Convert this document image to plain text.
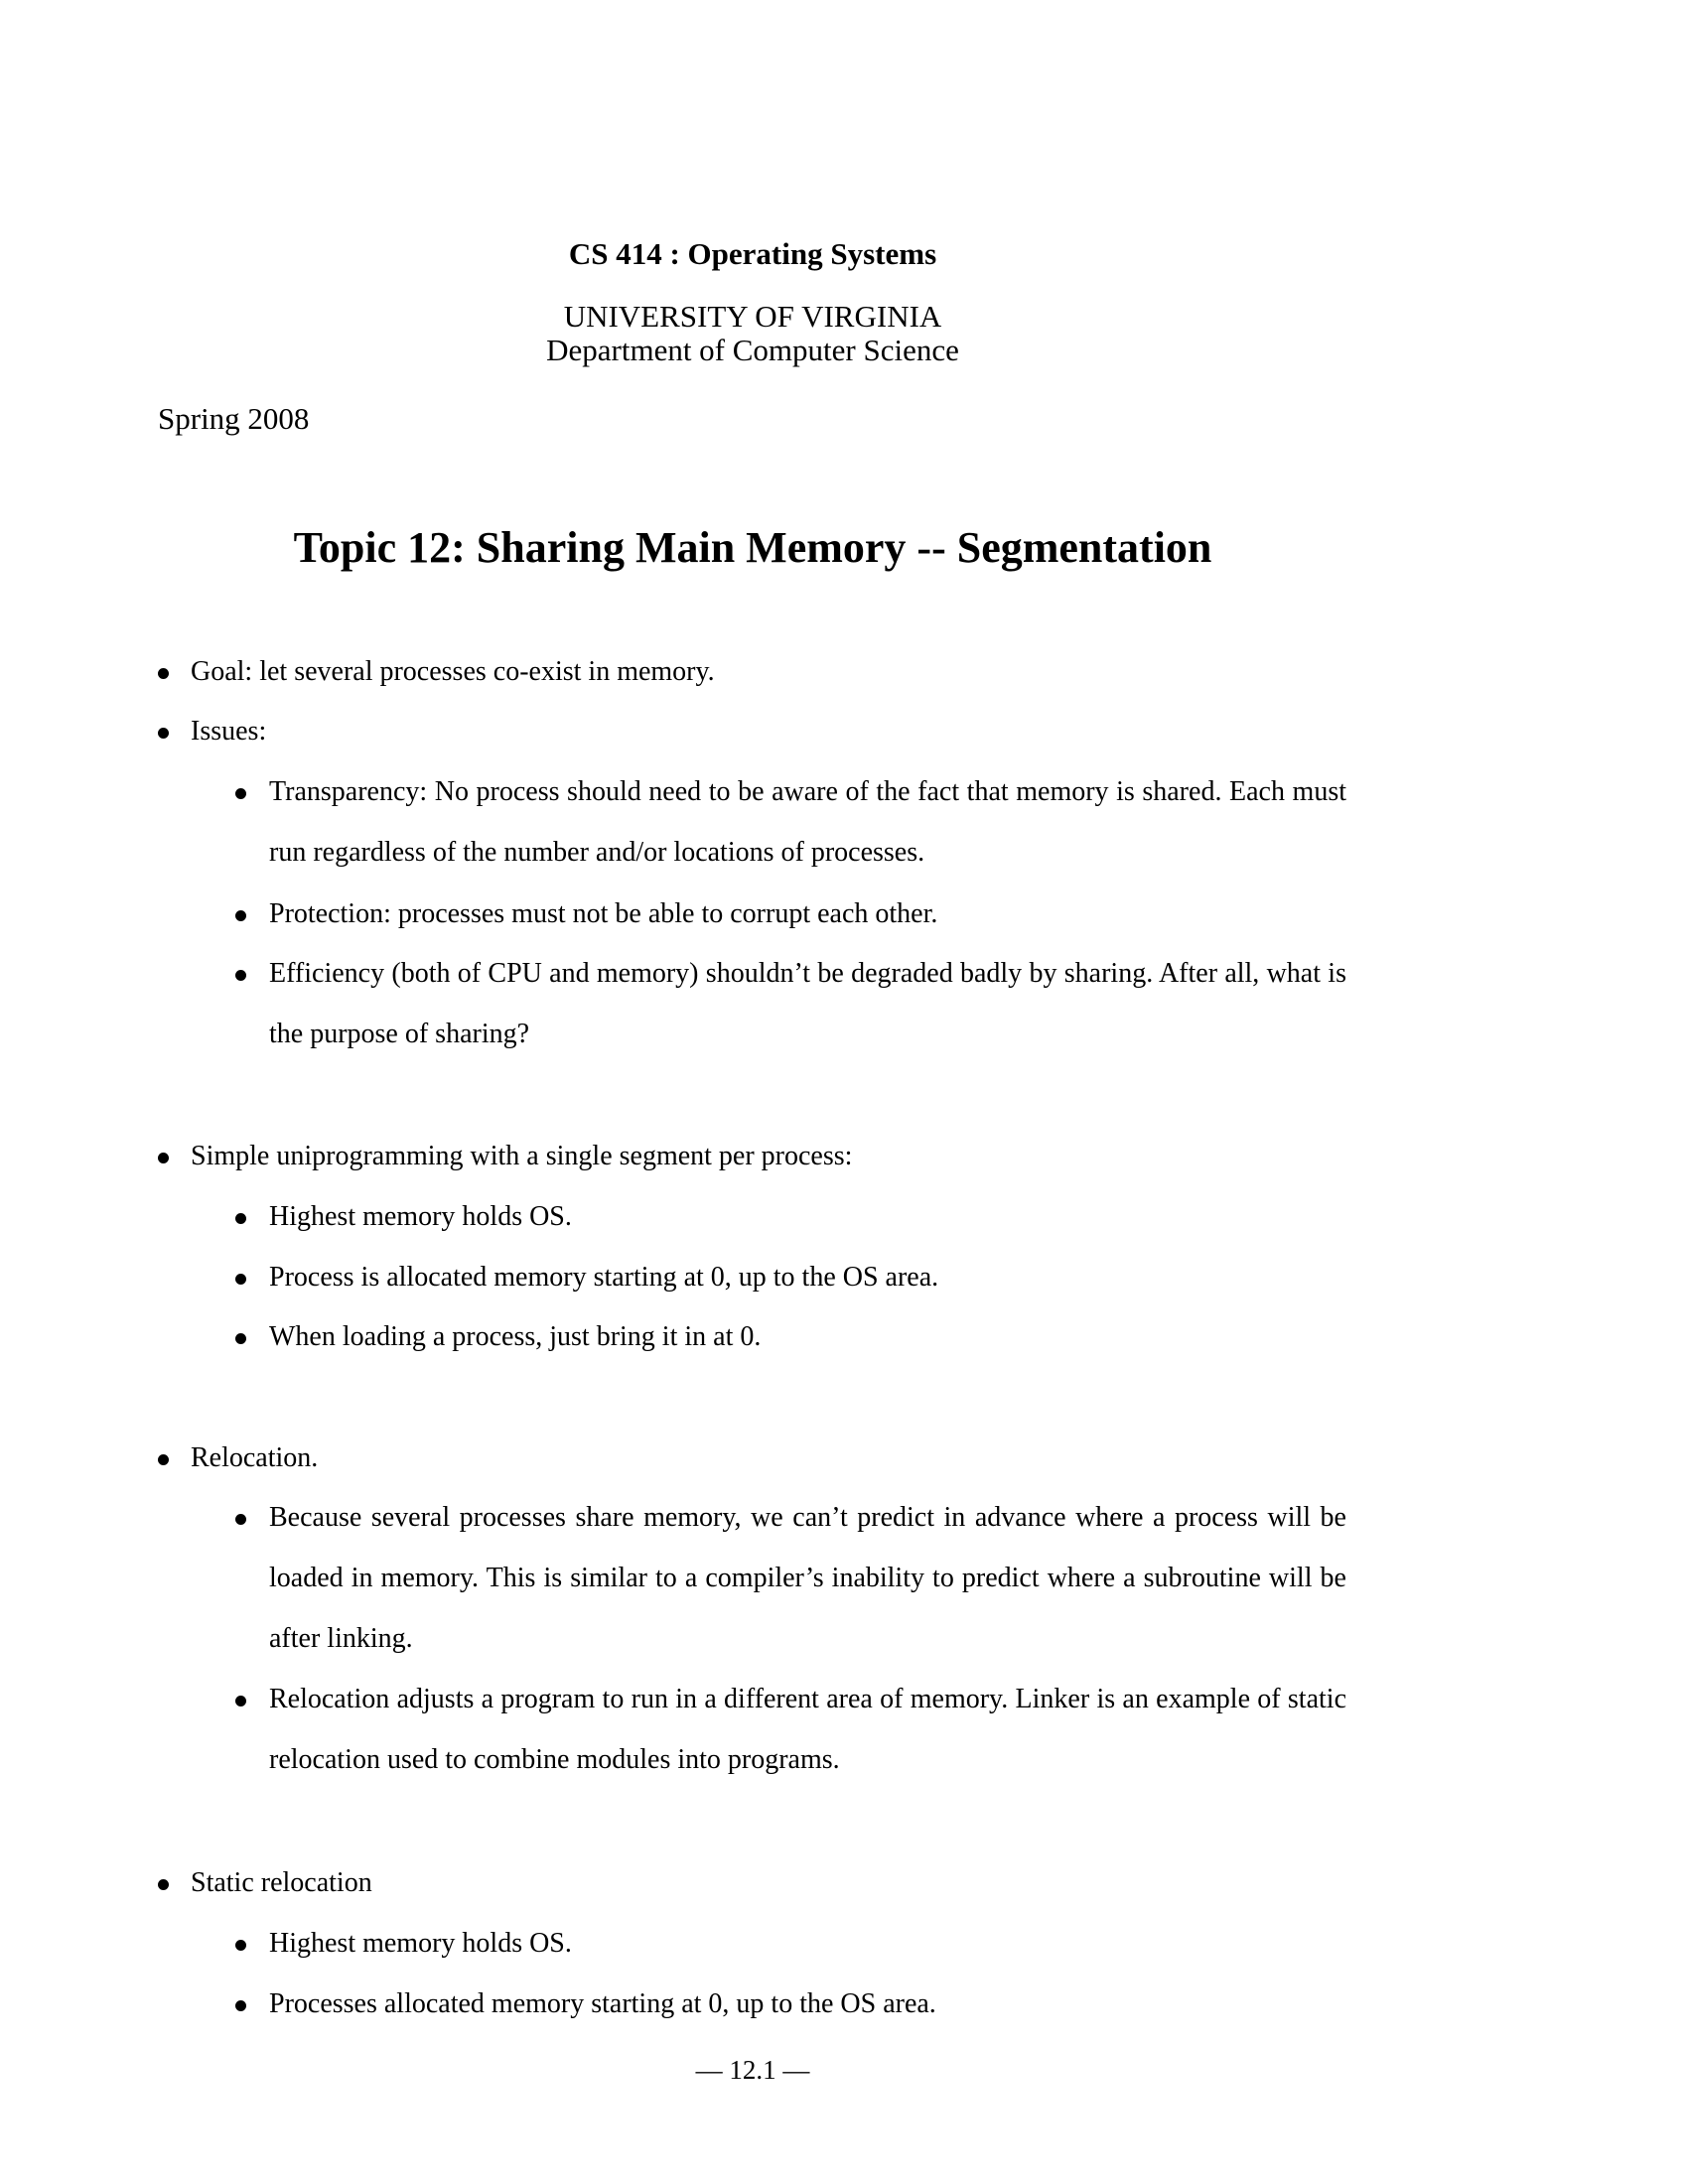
CS 414 : Operating Systems
UNIVERSITY OF VIRGINIA
Department of Computer Science
Spring 2008
Topic 12: Sharing Main Memory -- Segmentation
Goal: let several processes co-exist in memory.
Issues:
Transparency: No process should need to be aware of the fact that memory is shared. Each must run regardless of the number and/or locations of processes.
Protection: processes must not be able to corrupt each other.
Efficiency (both of CPU and memory) shouldn’t be degraded badly by sharing. After all, what is the purpose of sharing?
Simple uniprogramming with a single segment per process:
Highest memory holds OS.
Process is allocated memory starting at 0, up to the OS area.
When loading a process, just bring it in at 0.
Relocation.
Because several processes share memory, we can’t predict in advance where a process will be loaded in memory. This is similar to a compiler’s inability to predict where a subroutine will be after linking.
Relocation adjusts a program to run in a different area of memory. Linker is an example of static relocation used to combine modules into programs.
Static relocation
Highest memory holds OS.
Processes allocated memory starting at 0, up to the OS area.
— 12.1 —
